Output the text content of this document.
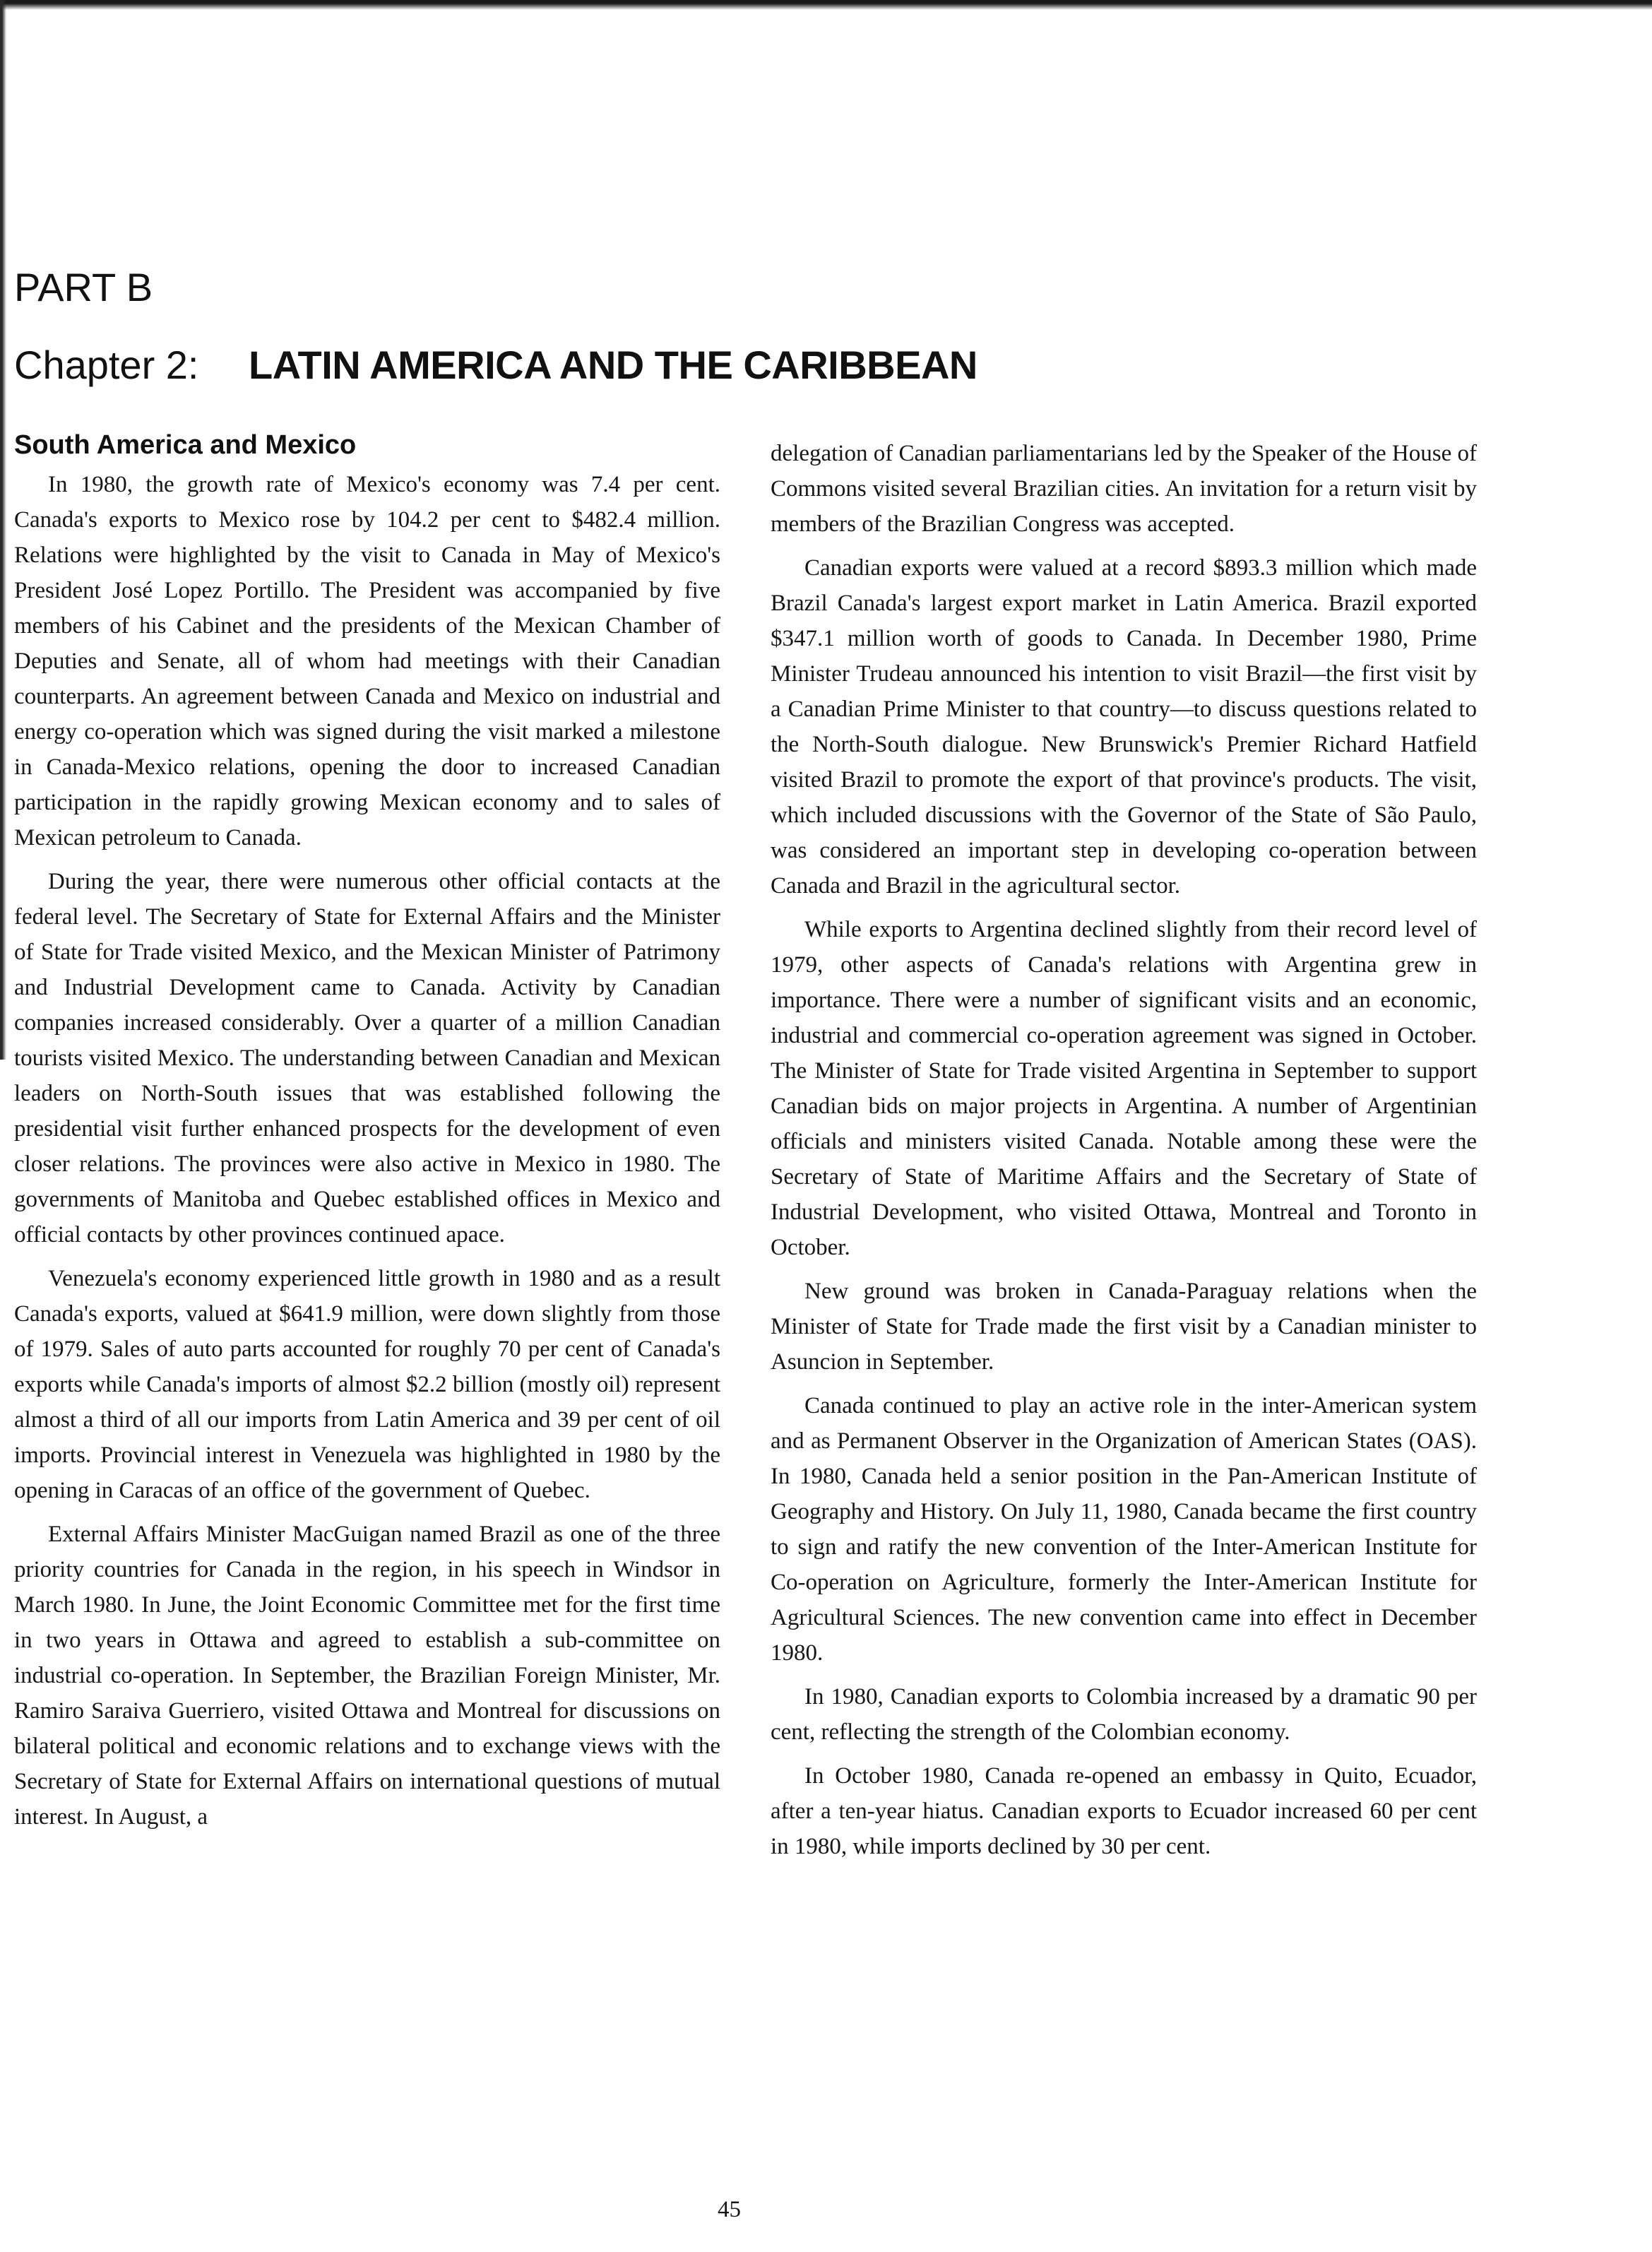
PART B
Chapter 2: LATIN AMERICA AND THE CARIBBEAN
South America and Mexico

In 1980, the growth rate of Mexico's economy was 7.4 per cent. Canada's exports to Mexico rose by 104.2 per cent to $482.4 million. Relations were highlighted by the visit to Canada in May of Mexico's President José Lopez Portillo. The President was accompanied by five members of his Cabinet and the presidents of the Mexican Chamber of Deputies and Senate, all of whom had meetings with their Canadian counterparts. An agreement between Canada and Mexico on industrial and energy co-operation which was signed during the visit marked a milestone in Canada-Mexico relations, opening the door to increased Canadian participation in the rapidly growing Mexican economy and to sales of Mexican petroleum to Canada.

During the year, there were numerous other official contacts at the federal level. The Secretary of State for External Affairs and the Minister of State for Trade visited Mexico, and the Mexican Minister of Patrimony and Industrial Development came to Canada. Activity by Canadian companies increased considerably. Over a quarter of a million Canadian tourists visited Mexico. The understanding between Canadian and Mexican leaders on North-South issues that was established following the presidential visit further enhanced prospects for the development of even closer relations. The provinces were also active in Mexico in 1980. The governments of Manitoba and Quebec established offices in Mexico and official contacts by other provinces continued apace.

Venezuela's economy experienced little growth in 1980 and as a result Canada's exports, valued at $641.9 million, were down slightly from those of 1979. Sales of auto parts accounted for roughly 70 per cent of Canada's exports while Canada's imports of almost $2.2 billion (mostly oil) represent almost a third of all our imports from Latin America and 39 per cent of oil imports. Provincial interest in Venezuela was highlighted in 1980 by the opening in Caracas of an office of the government of Quebec.

External Affairs Minister MacGuigan named Brazil as one of the three priority countries for Canada in the region, in his speech in Windsor in March 1980. In June, the Joint Economic Committee met for the first time in two years in Ottawa and agreed to establish a sub-committee on industrial co-operation. In September, the Brazilian Foreign Minister, Mr. Ramiro Saraiva Guerriero, visited Ottawa and Montreal for discussions on bilateral political and economic relations and to exchange views with the Secretary of State for External Affairs on international questions of mutual interest. In August, a

delegation of Canadian parliamentarians led by the Speaker of the House of Commons visited several Brazilian cities. An invitation for a return visit by members of the Brazilian Congress was accepted.

Canadian exports were valued at a record $893.3 million which made Brazil Canada's largest export market in Latin America. Brazil exported $347.1 million worth of goods to Canada. In December 1980, Prime Minister Trudeau announced his intention to visit Brazil—the first visit by a Canadian Prime Minister to that country—to discuss questions related to the North-South dialogue. New Brunswick's Premier Richard Hatfield visited Brazil to promote the export of that province's products. The visit, which included discussions with the Governor of the State of São Paulo, was considered an important step in developing co-operation between Canada and Brazil in the agricultural sector.

While exports to Argentina declined slightly from their record level of 1979, other aspects of Canada's relations with Argentina grew in importance. There were a number of significant visits and an economic, industrial and commercial co-operation agreement was signed in October. The Minister of State for Trade visited Argentina in September to support Canadian bids on major projects in Argentina. A number of Argentinian officials and ministers visited Canada. Notable among these were the Secretary of State of Maritime Affairs and the Secretary of State of Industrial Development, who visited Ottawa, Montreal and Toronto in October.

New ground was broken in Canada-Paraguay relations when the Minister of State for Trade made the first visit by a Canadian minister to Asuncion in September.

Canada continued to play an active role in the inter-American system and as Permanent Observer in the Organization of American States (OAS). In 1980, Canada held a senior position in the Pan-American Institute of Geography and History. On July 11, 1980, Canada became the first country to sign and ratify the new convention of the Inter-American Institute for Co-operation on Agriculture, formerly the Inter-American Institute for Agricultural Sciences. The new convention came into effect in December 1980.

In 1980, Canadian exports to Colombia increased by a dramatic 90 per cent, reflecting the strength of the Colombian economy.

In October 1980, Canada re-opened an embassy in Quito, Ecuador, after a ten-year hiatus. Canadian exports to Ecuador increased 60 per cent in 1980, while imports declined by 30 per cent.

45
